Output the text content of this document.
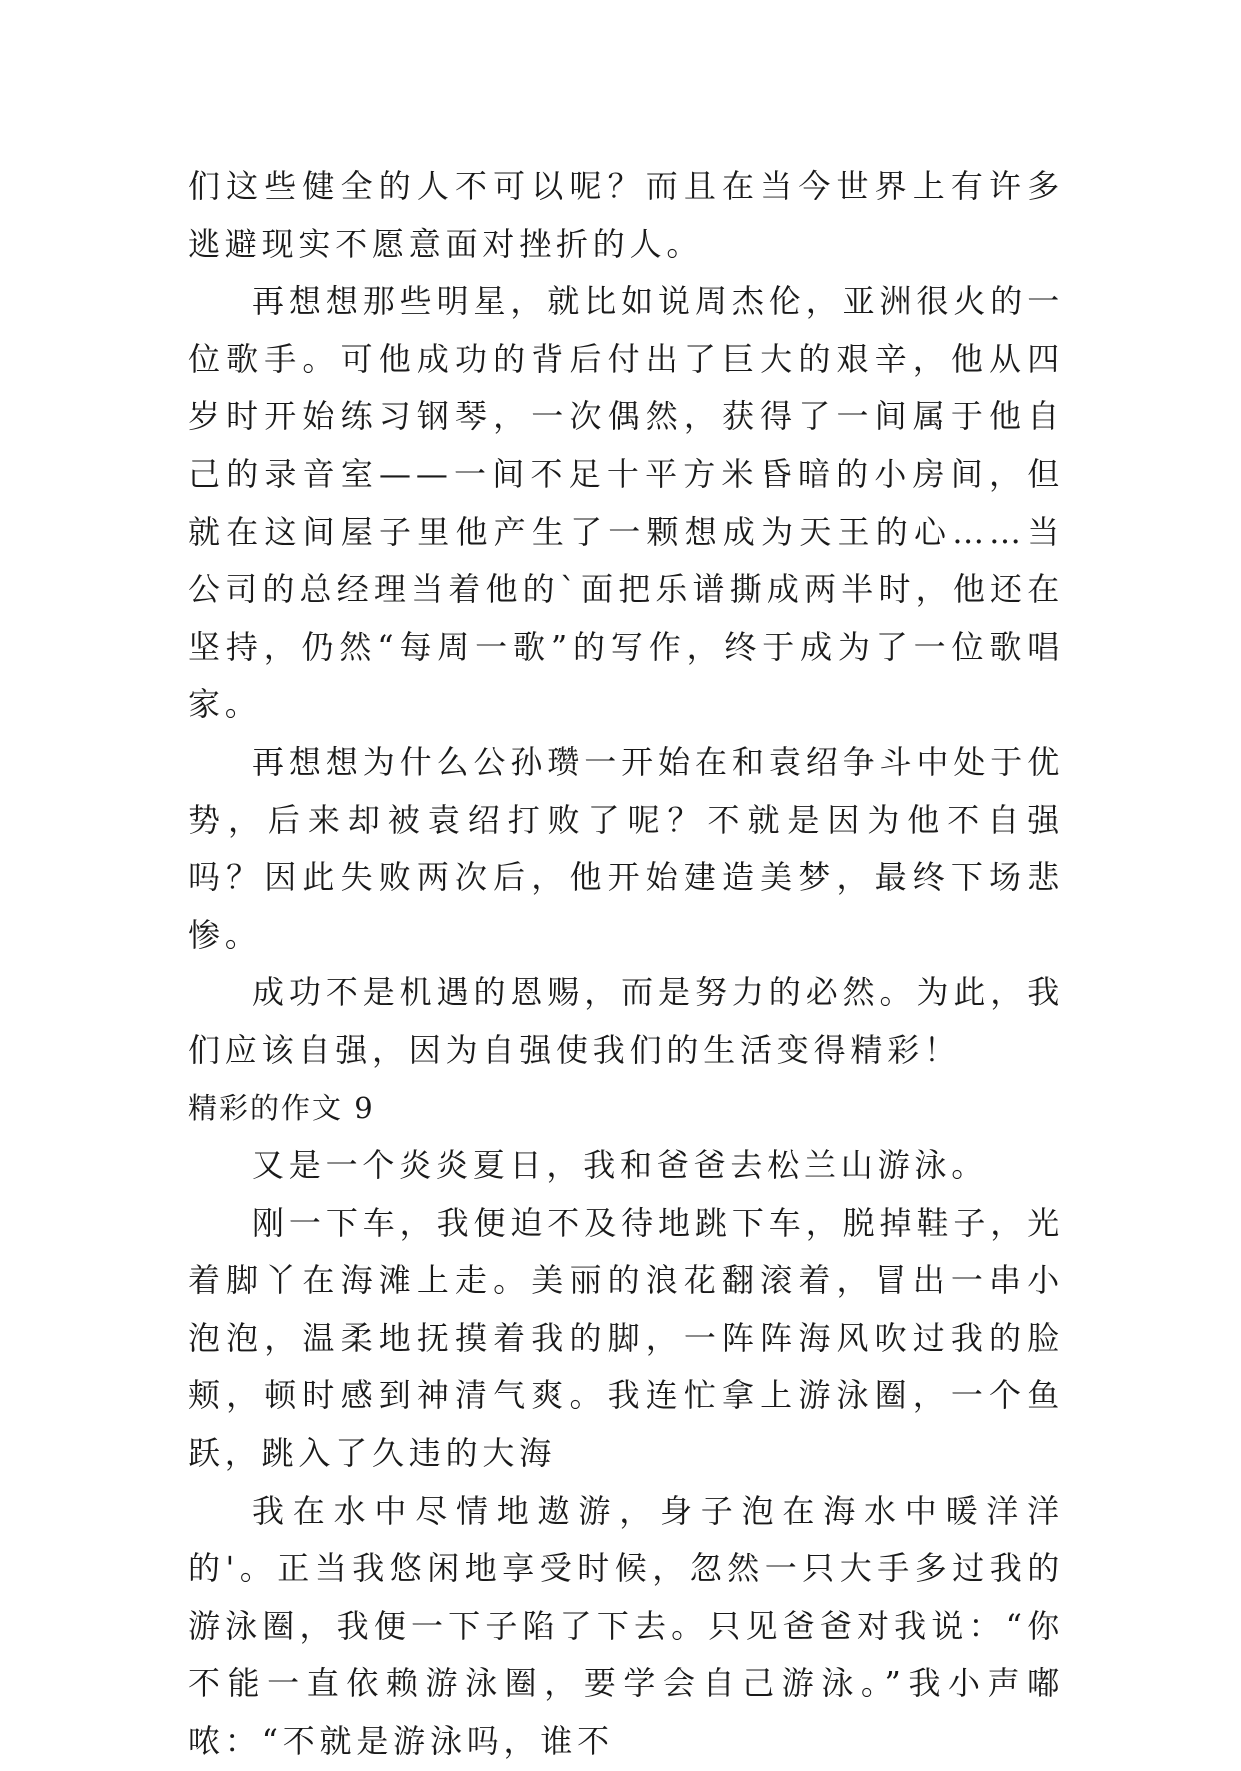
们这些健全的人不可以呢？而且在当今世界上有许多逃避现实不愿意面对挫折的人。

再想想那些明星，就比如说周杰伦，亚洲很火的一位歌手。可他成功的背后付出了巨大的艰辛，他从四岁时开始练习钢琴，一次偶然，获得了一间属于他自己的录音室——一间不足十平方米昏暗的小房间，但就在这间屋子里他产生了一颗想成为天王的心……当公司的总经理当着他的`面把乐谱撕成两半时，他还在坚持，仍然“每周一歌”的写作，终于成为了一位歌唱家。

再想想为什么公孙瓒一开始在和袁绍争斗中处于优势，后来却被袁绍打败了呢？不就是因为他不自强吗？因此失败两次后，他开始建造美梦，最终下场悲惨。

成功不是机遇的恩赐，而是努力的必然。为此，我们应该自强，因为自强使我们的生活变得精彩！

精彩的作文 9

又是一个炎炎夏日，我和爸爸去松兰山游泳。

刚一下车，我便迫不及待地跳下车，脱掉鞋子，光着脚丫在海滩上走。美丽的浪花翻滚着，冒出一串小泡泡，温柔地抚摸着我的脚，一阵阵海风吹过我的脸颊，顿时感到神清气爽。我连忙拿上游泳圈，一个鱼跃，跳入了久违的大海

我在水中尽情地遨游，身子泡在海水中暖洋洋的'。正当我悠闲地享受时候，忽然一只大手多过我的游泳圈，我便一下子陷了下去。只见爸爸对我说：“你不能一直依赖游泳圈，要学会自己游泳。”我小声嘟哝：“不就是游泳吗，谁不
